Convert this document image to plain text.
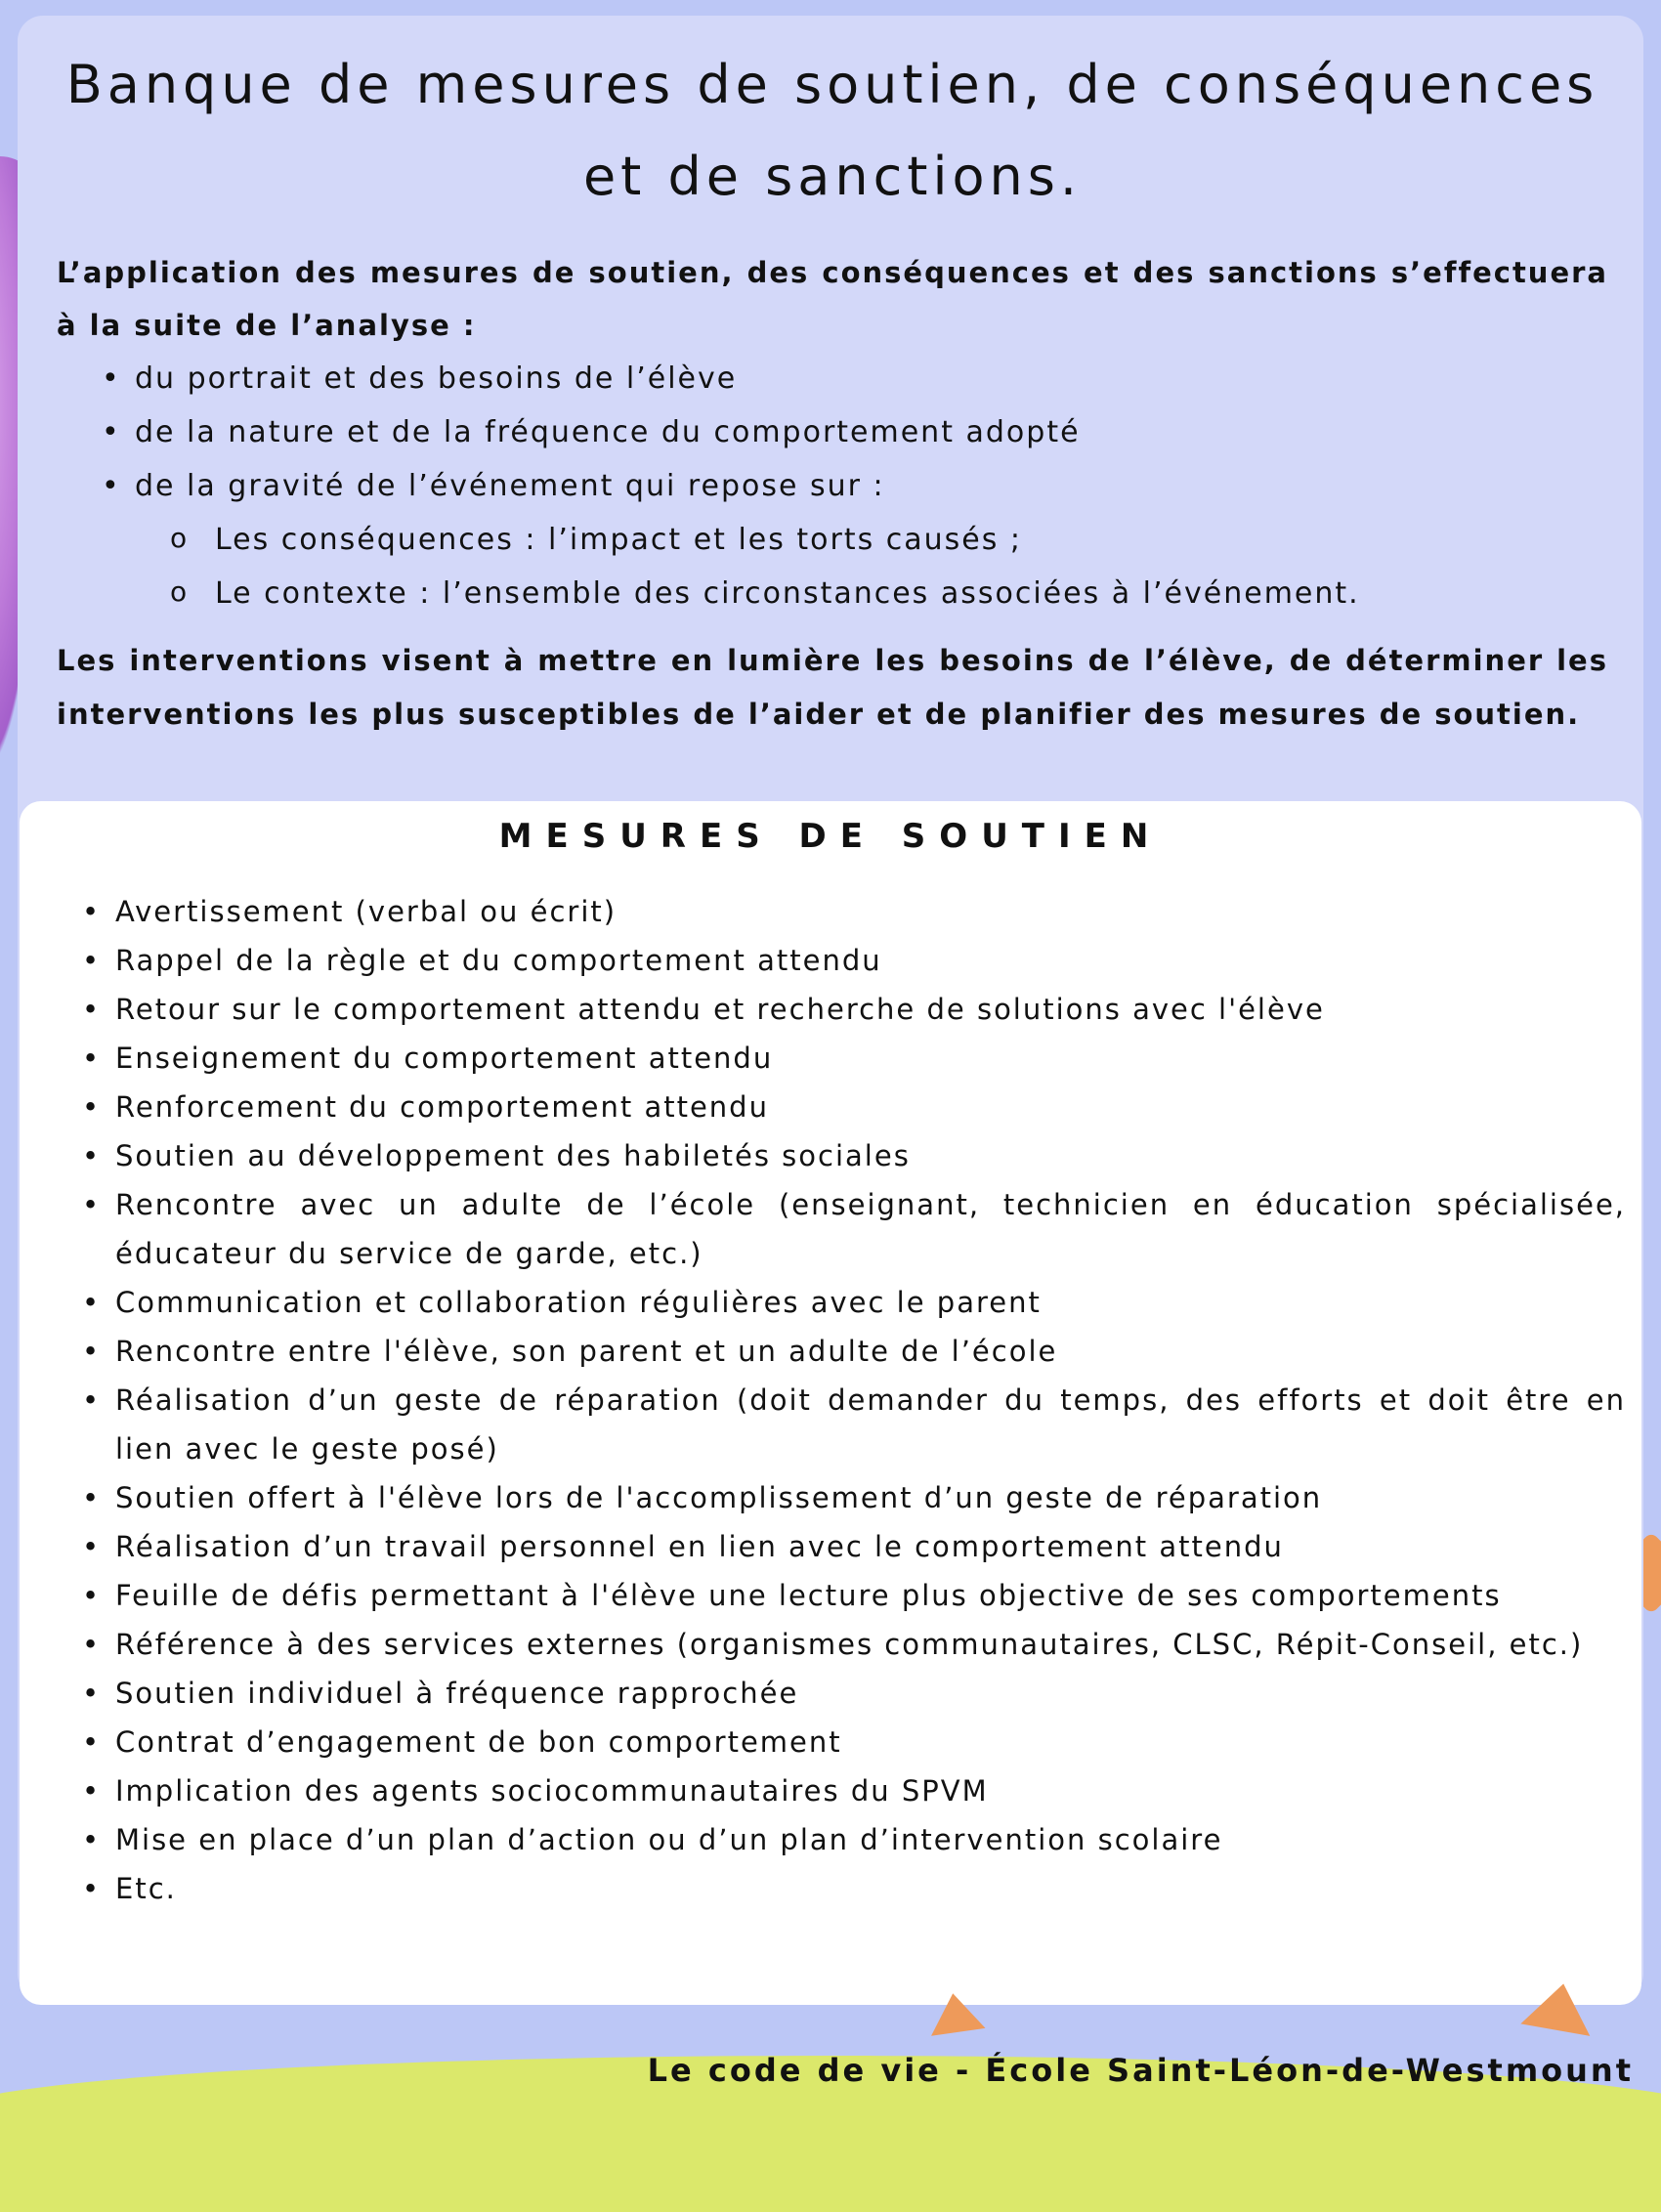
Banque de mesures de soutien, de conséquences et de sanctions.

L’application des mesures de soutien, des conséquences et des sanctions s’effectuera à la suite de l’analyse :

• du portrait et des besoins de l’élève
• de la nature et de la fréquence du comportement adopté
• de la gravité de l’événement qui repose sur :
o Les conséquences : l’impact et les torts causés ;
o Le contexte : l’ensemble des circonstances associées à l’événement.

Les interventions visent à mettre en lumière les besoins de l’élève, de déterminer les interventions les plus susceptibles de l’aider et de planifier des mesures de soutien.

MESURES DE SOUTIEN
• Avertissement (verbal ou écrit)
• Rappel de la règle et du comportement attendu
• Retour sur le comportement attendu et recherche de solutions avec l'élève
• Enseignement du comportement attendu
• Renforcement du comportement attendu
• Soutien au développement des habiletés sociales
• Rencontre avec un adulte de l’école (enseignant, technicien en éducation spécialisée, éducateur du service de garde, etc.)
• Communication et collaboration régulières avec le parent
• Rencontre entre l'élève, son parent et un adulte de l’école
• Réalisation d’un geste de réparation (doit demander du temps, des efforts et doit être en lien avec le geste posé)
• Soutien offert à l'élève lors de l'accomplissement d’un geste de réparation
• Réalisation d’un travail personnel en lien avec le comportement attendu
• Feuille de défis permettant à l'élève une lecture plus objective de ses comportements
• Référence à des services externes (organismes communautaires, CLSC, Répit-Conseil, etc.)
• Soutien individuel à fréquence rapprochée
• Contrat d’engagement de bon comportement
• Implication des agents sociocommunautaires du SPVM
• Mise en place d’un plan d’action ou d’un plan d’intervention scolaire
• Etc.
Le code de vie - École Saint-Léon-de-Westmount
